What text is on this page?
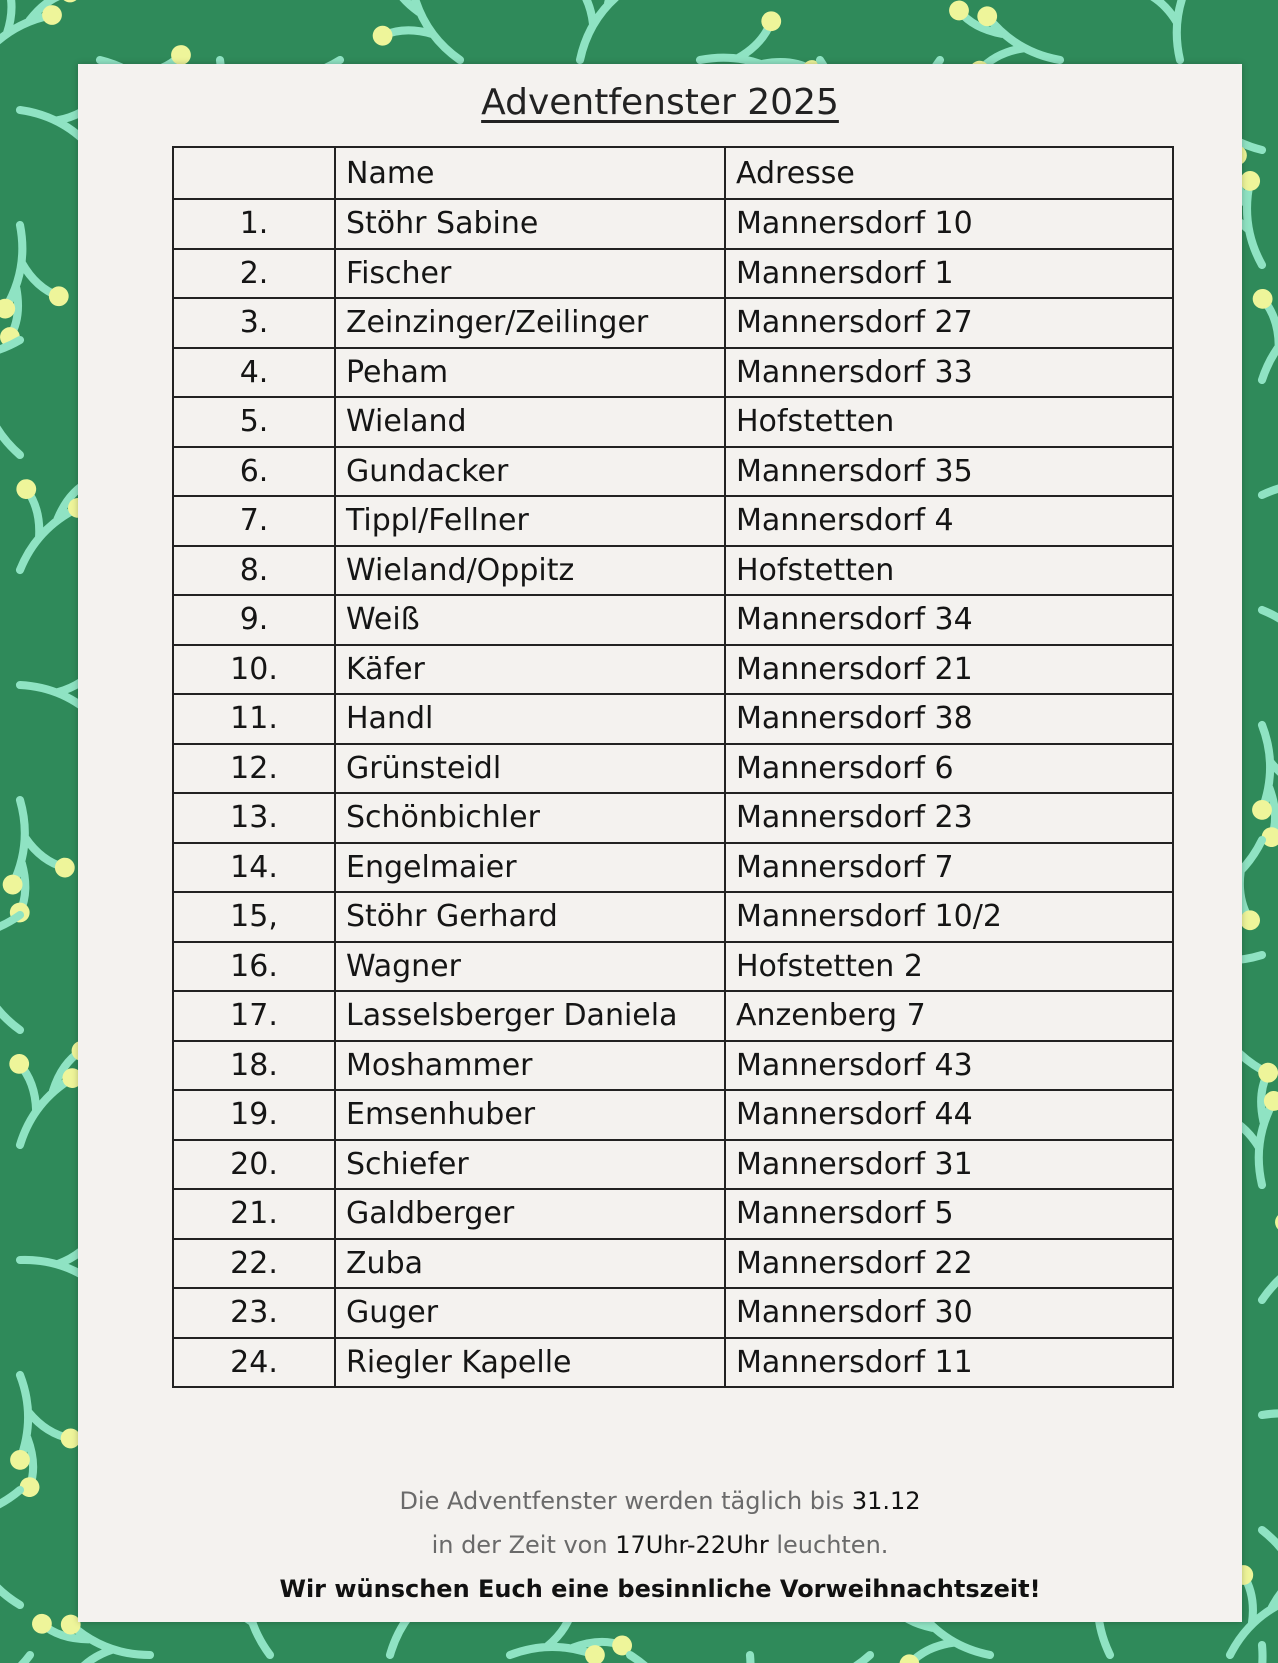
Adventfenster 2025
	Name	Adresse
1.	Stöhr Sabine	Mannersdorf 10
2.	Fischer	Mannersdorf 1
3.	Zeinzinger/Zeilinger	Mannersdorf 27
4.	Peham	Mannersdorf 33
5.	Wieland	Hofstetten
6.	Gundacker	Mannersdorf 35
7.	Tippl/Fellner	Mannersdorf 4
8.	Wieland/Oppitz	Hofstetten
9.	Weiß	Mannersdorf 34
10.	Käfer	Mannersdorf 21
11.	Handl	Mannersdorf 38
12.	Grünsteidl	Mannersdorf 6
13.	Schönbichler	Mannersdorf 23
14.	Engelmaier	Mannersdorf 7
15,	Stöhr Gerhard	Mannersdorf 10/2
16.	Wagner	Hofstetten 2
17.	Lasselsberger Daniela	Anzenberg 7
18.	Moshammer	Mannersdorf 43
19.	Emsenhuber	Mannersdorf 44
20.	Schiefer	Mannersdorf 31
21.	Galdberger	Mannersdorf 5
22.	Zuba	Mannersdorf 22
23.	Guger	Mannersdorf 30
24.	Riegler Kapelle	Mannersdorf 11
Die Adventfenster werden täglich bis 31.12
in der Zeit von 17Uhr-22Uhr leuchten.
Wir wünschen Euch eine besinnliche Vorweihnachtszeit!
